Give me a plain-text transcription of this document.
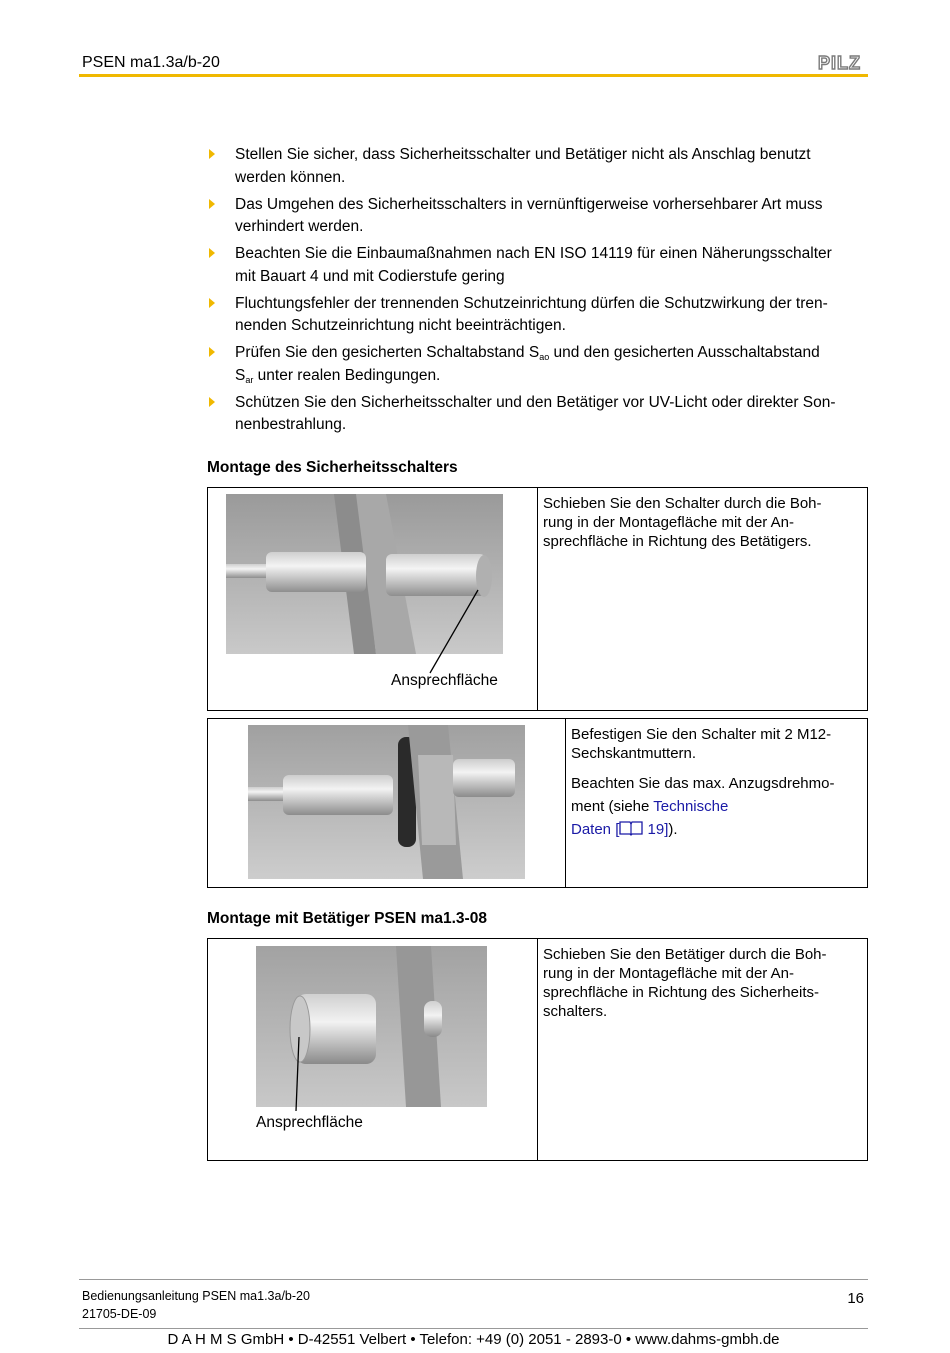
PSEN ma1.3a/b-20	PILZ
Stellen Sie sicher, dass Sicherheitsschalter und Betätiger nicht als Anschlag benutzt
werden können.
Das Umgehen des Sicherheitsschalters in vernünftigerweise vorhersehbarer Art muss
verhindert werden.
Beachten Sie die Einbaumaßnahmen nach EN ISO 14119 für einen Näherungsschalter
mit Bauart 4 und mit Codierstufe gering
Fluchtungsfehler der trennenden Schutzeinrichtung dürfen die Schutzwirkung der tren-
nenden Schutzeinrichtung nicht beeinträchtigen.
Prüfen Sie den gesicherten Schaltabstand $S_{ao}$ und den gesicherten Ausschaltabstand
$S_{ar}$ unter realen Bedingungen.
Schützen Sie den Sicherheitsschalter und den Betätiger vor UV-Licht oder direkter Son-
nenbestrahlung.
Montage des Sicherheitsschalters
Ansprechfläche
Schieben Sie den Schalter durch die Boh-
rung in der Montagefläche mit der An-
sprechfläche in Richtung des Betätigers.

Befestigen Sie den Schalter mit 2 M12-
Sechskantmuttern.

Beachten Sie das max. Anzugsdrehmo-
ment (siehe Technische
Daten [ 19]).

Montage mit Betätiger PSEN ma1.3-08
Ansprechfläche
Schieben Sie den Betätiger durch die Boh-
rung in der Montagefläche mit der An-
sprechfläche in Richtung des Sicherheits-
schalters.
Bedienungsanleitung PSEN ma1.3a/b-20
21705-DE-09
16
D A H M S GmbH • D-42551 Velbert • Telefon: +49 (0) 2051 - 2893-0 • www.dahms-gmbh.de
